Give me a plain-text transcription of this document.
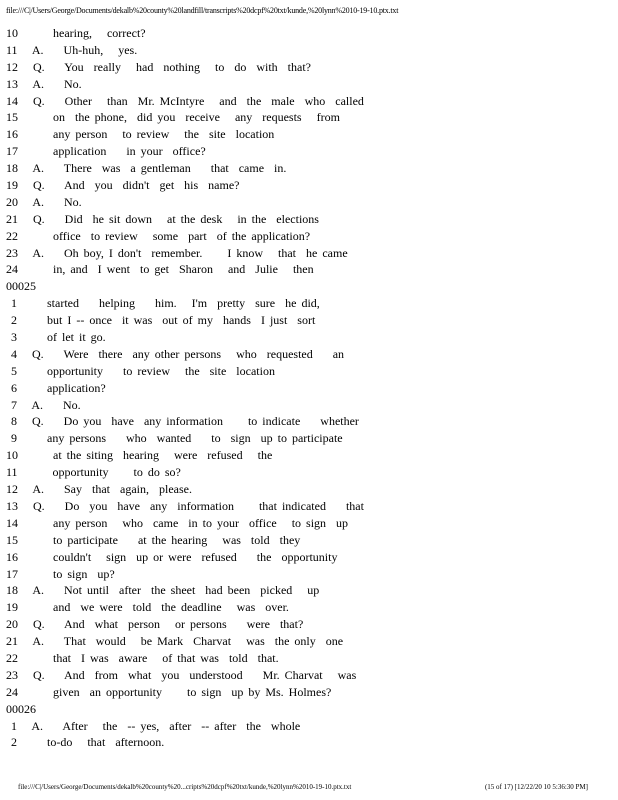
file:///C|/Users/George/Documents/dekalb%20county%20landfill/transcripts%20dcpf%20txt/kunde,%20lynn%2010-19-10.ptx.txt
10       hearing,   correct?
11   A.    Uh-huh,   yes.
12   Q.    You  really   had  nothing   to  do  with  that?
13   A.    No.
14   Q.    Other   than  Mr. McIntyre   and  the  male  who  called
15       on  the phone,  did you  receive   any  requests   from
16       any person   to review   the  site  location
17       application    in your  office?
18   A.    There  was  a gentleman    that  came  in.
19   Q.    And  you  didn't  get  his  name?
20   A.    No.
21   Q.    Did  he sit down   at the desk   in the  elections
22       office  to review   some  part  of the application?
23   A.    Oh boy, I don't  remember.     I know   that  he came
24       in, and  I went  to get  Sharon   and  Julie   then
00025
1      started    helping    him.   I'm  pretty  sure  he did,
2      but I -- once  it was  out of my  hands  I just  sort
3      of let it go.
4   Q.    Were  there  any other persons   who  requested    an
5      opportunity    to review   the  site  location
6      application?
7   A.    No.
8   Q.    Do you  have  any information     to indicate    whether
9      any persons    who  wanted    to  sign  up to participate
10       at the siting  hearing   were  refused   the
11       opportunity     to do so?
12   A.    Say  that  again,  please.
13   Q.    Do  you  have  any  information     that indicated    that
14       any person   who  came  in to your  office   to sign  up
15       to participate    at the hearing   was  told  they
16       couldn't   sign  up or were  refused    the  opportunity
17       to sign  up?
18   A.    Not until  after  the sheet  had been  picked   up
19       and  we were  told  the deadline   was  over.
20   Q.    And  what  person   or persons    were  that?
21   A.    That  would   be Mark  Charvat   was  the only  one
22       that  I was  aware   of that was  told  that.
23   Q.    And  from  what  you  understood    Mr. Charvat   was
24       given  an opportunity     to sign  up by Ms. Holmes?
00026
1   A.    After   the  -- yes,  after  -- after  the  whole
2      to-do   that  afternoon.
file:///C|/Users/George/Documents/dekalb%20county%20...cripts%20dcpf%20txt/kunde,%20lynn%2010-19-10.ptx.txt	(15 of 17) [12/22/20 10 5:36:30 PM]
